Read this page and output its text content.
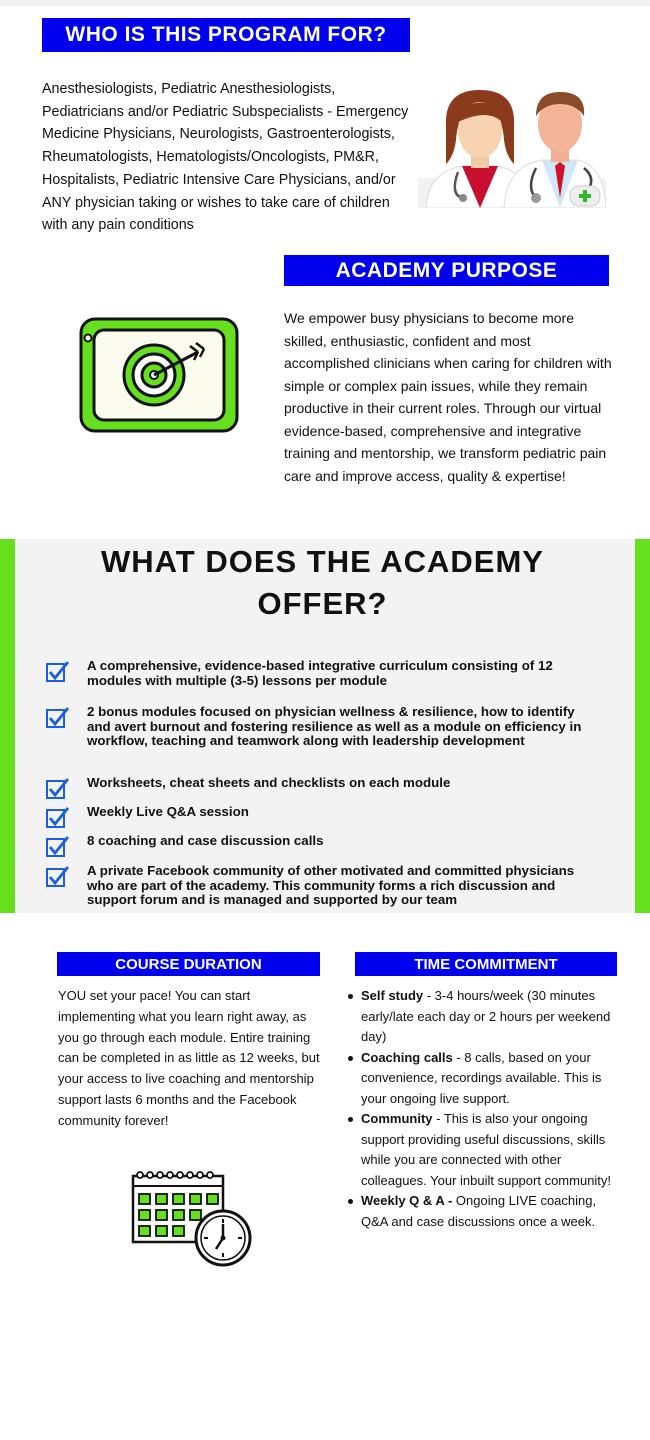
WHO IS THIS PROGRAM FOR?

Anesthesiologists, Pediatric Anesthesiologists, Pediatricians and/or Pediatric Subspecialists - Emergency Medicine Physicians, Neurologists, Gastroenterologists, Rheumatologists, Hematologists/Oncologists, PM&R, Hospitalists, Pediatric Intensive Care Physicians, and/or ANY physician taking or wishes to take care of children with any pain conditions

ACADEMY PURPOSE

We empower busy physicians to become more skilled, enthusiastic, confident and most accomplished clinicians when caring for children with simple or complex pain issues, while they remain productive in their current roles. Through our virtual evidence-based, comprehensive and integrative training and mentorship, we transform pediatric pain care and improve access, quality & expertise!

WHAT DOES THE ACADEMY OFFER?
A comprehensive, evidence-based integrative curriculum consisting of 12 modules with multiple (3-5) lessons per module
2 bonus modules focused on physician wellness & resilience, how to identify and avert burnout and fostering resilience as well as a module on efficiency in workflow, teaching and teamwork along with leadership development
Worksheets, cheat sheets and checklists on each module
Weekly Live Q&A session
8 coaching and case discussion calls
A private Facebook community of other motivated and committed physicians who are part of the academy. This community forms a rich discussion and support forum and is managed and supported by our team
COURSE DURATION

YOU set your pace! You can start implementing what you learn right away, as you go through each module. Entire training can be completed in as little as 12 weeks, but your access to live coaching and mentorship support lasts 6 months and the Facebook community forever!

TIME COMMITMENT
Self study - 3-4 hours/week (30 minutes early/late each day or 2 hours per weekend day)
Coaching calls - 8 calls, based on your convenience, recordings available. This is your ongoing live support.
Community - This is also your ongoing support providing useful discussions, skills while you are connected with other colleagues. Your inbuilt support community!
Weekly Q & A - Ongoing LIVE coaching, Q&A and case discussions once a week.
